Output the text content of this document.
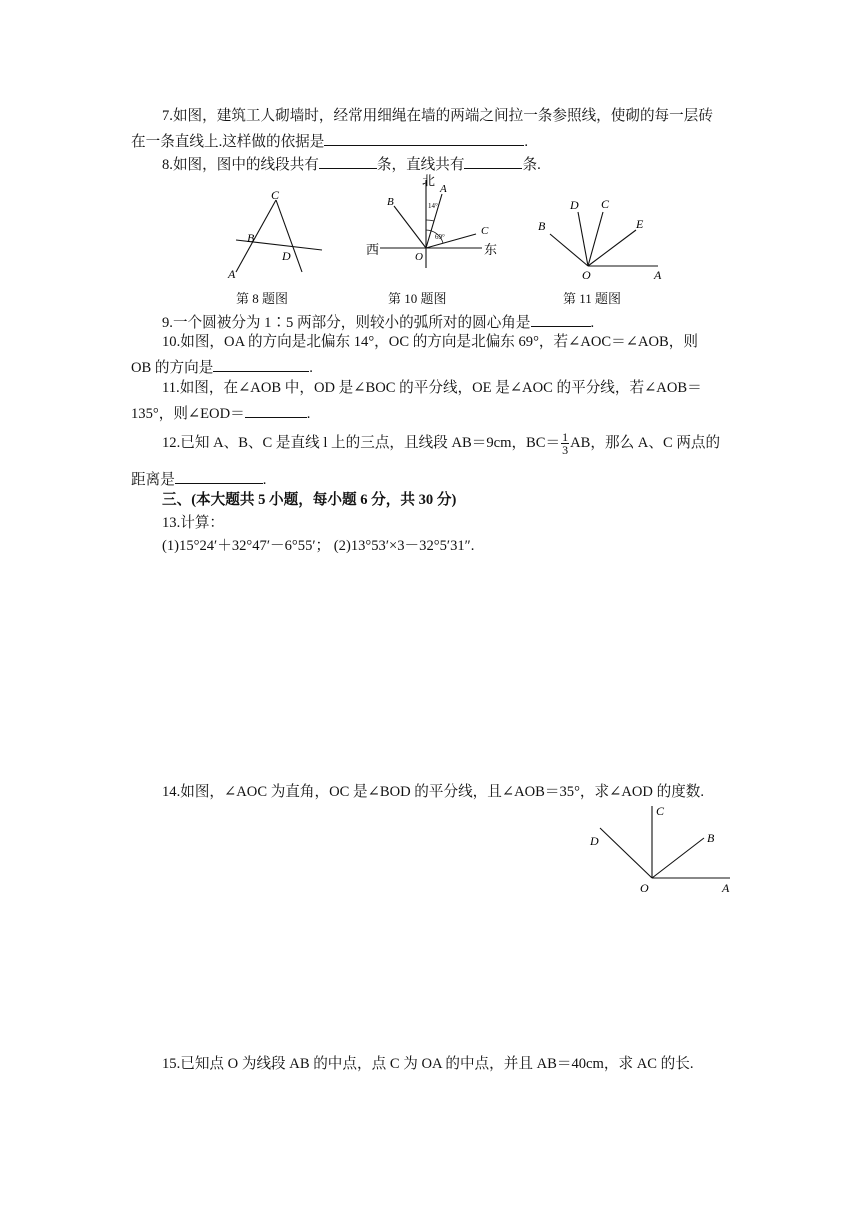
7.如图，建筑工人砌墙时，经常用细绳在墙的两端之间拉一条参照线，使砌的每一层砖
在一条直线上.这样做的依据是	.
8.如图，图中的线段共有	条，直线共有	条.
C
B
D
A
第 8 题图
北
西	东
A
B
C
O
14°
69°
第 10 题图
D C
B	E
O	A
第 11 题图
9.一个圆被分为 1∶5 两部分，则较小的弧所对的圆心角是	.
10.如图，OA 的方向是北偏东 14°，OC 的方向是北偏东 69°，若∠AOC＝∠AOB，则
OB 的方向是	.
11.如图，在∠AOB 中，OD 是∠BOC 的平分线，OE 是∠AOC 的平分线，若∠AOB＝
135°，则∠EOD＝	.
12.已知 A、B、C 是直线 l 上的三点，且线段 AB＝9cm，$BC= \frac{1}{3}$ AB，那么 A、C 两点的
距离是	.
三、(本大题共 5 小题，每小题 6 分，共 30 分)
13.计算：
(1)15°24′＋32°47′－6°55′； (2)13°53′×3－32°5′31″.
14.如图，∠AOC 为直角，OC 是∠BOD 的平分线，且∠AOB＝35°，求∠AOD 的度数.
C
D	B
O	A
15.已知点 O 为线段 AB 的中点，点 C 为 OA 的中点，并且 AB＝40cm，求 AC 的长.
